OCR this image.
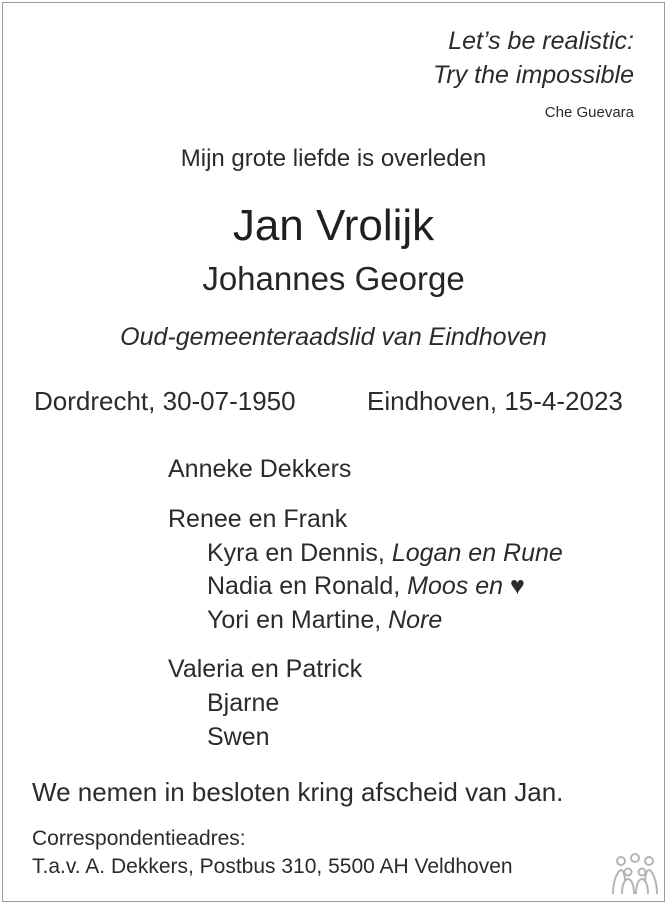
Let’s be realistic:
Try the impossible
Che Guevara
Mijn grote liefde is overleden
Jan Vrolijk
Johannes George
Oud-gemeenteraadslid van Eindhoven
Dordrecht, 30-07-1950	Eindhoven, 15-4-2023
Anneke Dekkers
Renee en Frank
Kyra en Dennis, Logan en Rune
Nadia en Ronald, Moos en ♥
Yori en Martine, Nore
Valeria en Patrick
Bjarne
Swen
We nemen in besloten kring afscheid van Jan.
Correspondentieadres:
T.a.v. A. Dekkers, Postbus 310, 5500 AH Veldhoven
